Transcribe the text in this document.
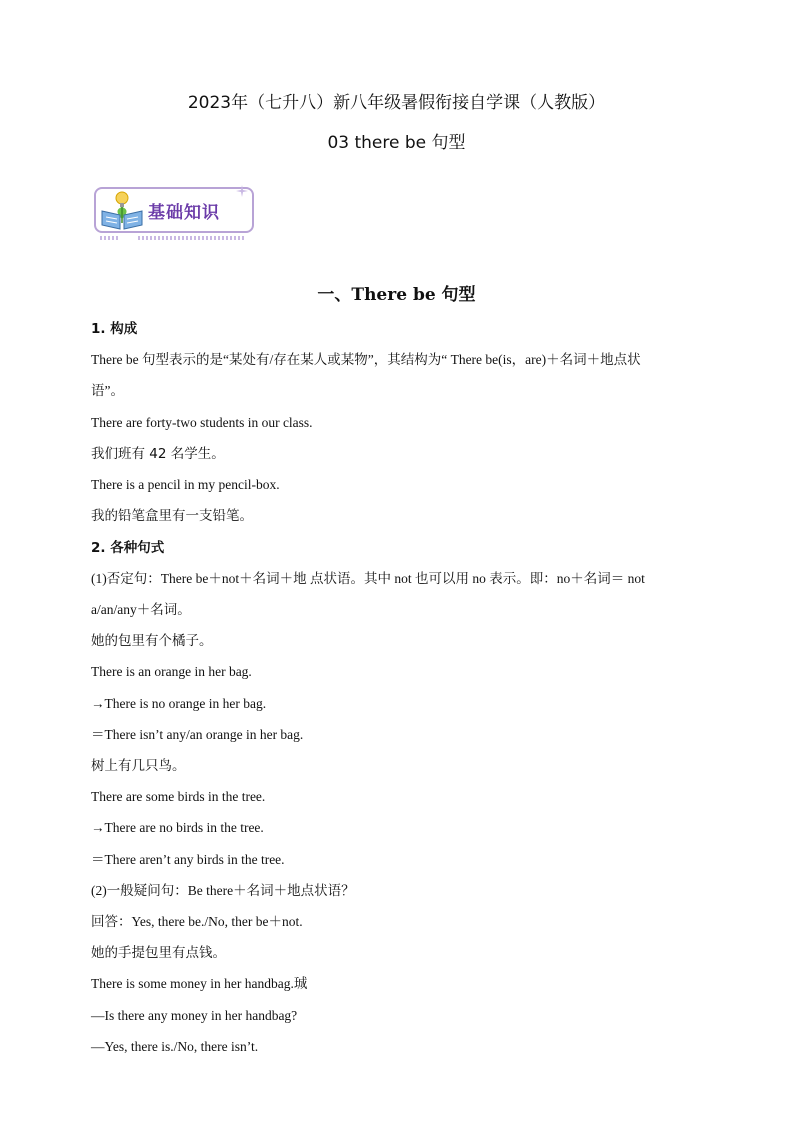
2023年（七升八）新八年级暑假衔接自学课（人教版）
03 there be 句型
基础知识
一、There be 句型
1. 构成
There be 句型表示的是“某处有/存在某人或某物”，其结构为“ There be(is，are)＋名词＋地点状
语”。
There are forty-two students in our class.
我们班有 42 名学生。
There is a pencil in my pencil-box.
我的铅笔盒里有一支铅笔。
2. 各种句式
(1)否定句：There be＋not＋名词＋地 点状语。其中 not 也可以用 no 表示。即：no＋名词＝ not
a/an/any＋名词。
她的包里有个橘子。
There is an orange in her bag.
→There is no orange in her bag.
＝There isn’t any/an orange in her bag.
树上有几只鸟。
There are some birds in the tree.
→There are no birds in the tree.
＝There aren’t any birds in the tree.
(2)一般疑问句：Be there＋名词＋地点状语？
回答：Yes, there be./No, ther be＋not.
她的手提包里有点钱。
There is some money in her handbag.珹
—Is there any money in her handbag?
—Yes, there is./No, there isn’t.
